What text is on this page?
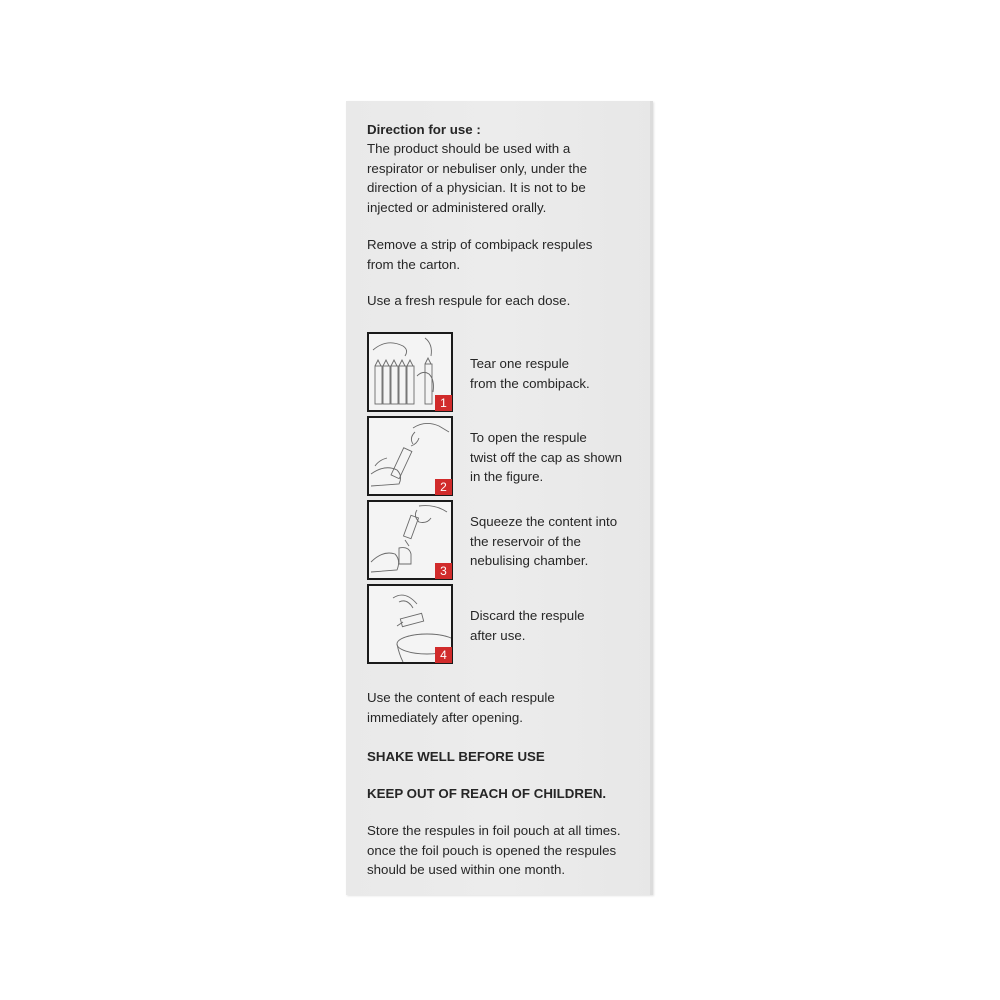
Direction for use :

The product should be used with a
respirator or nebuliser only, under the
direction of a physician. It is not to be
injected or administered orally.

Remove a strip of combipack respules
from the carton.

Use a fresh respule for each dose.

1

Tear one respule
from the combipack.

2

To open the respule
twist off the cap as shown
in the figure.

3

Squeeze the content into
the reservoir of the
nebulising chamber.

4

Discard the respule
after use.

Use the content of each respule
immediately after opening.

SHAKE WELL BEFORE USE

KEEP OUT OF REACH OF CHILDREN.

Store the respules in foil pouch at all times.
once the foil pouch is opened the respules
should be used within one month.
